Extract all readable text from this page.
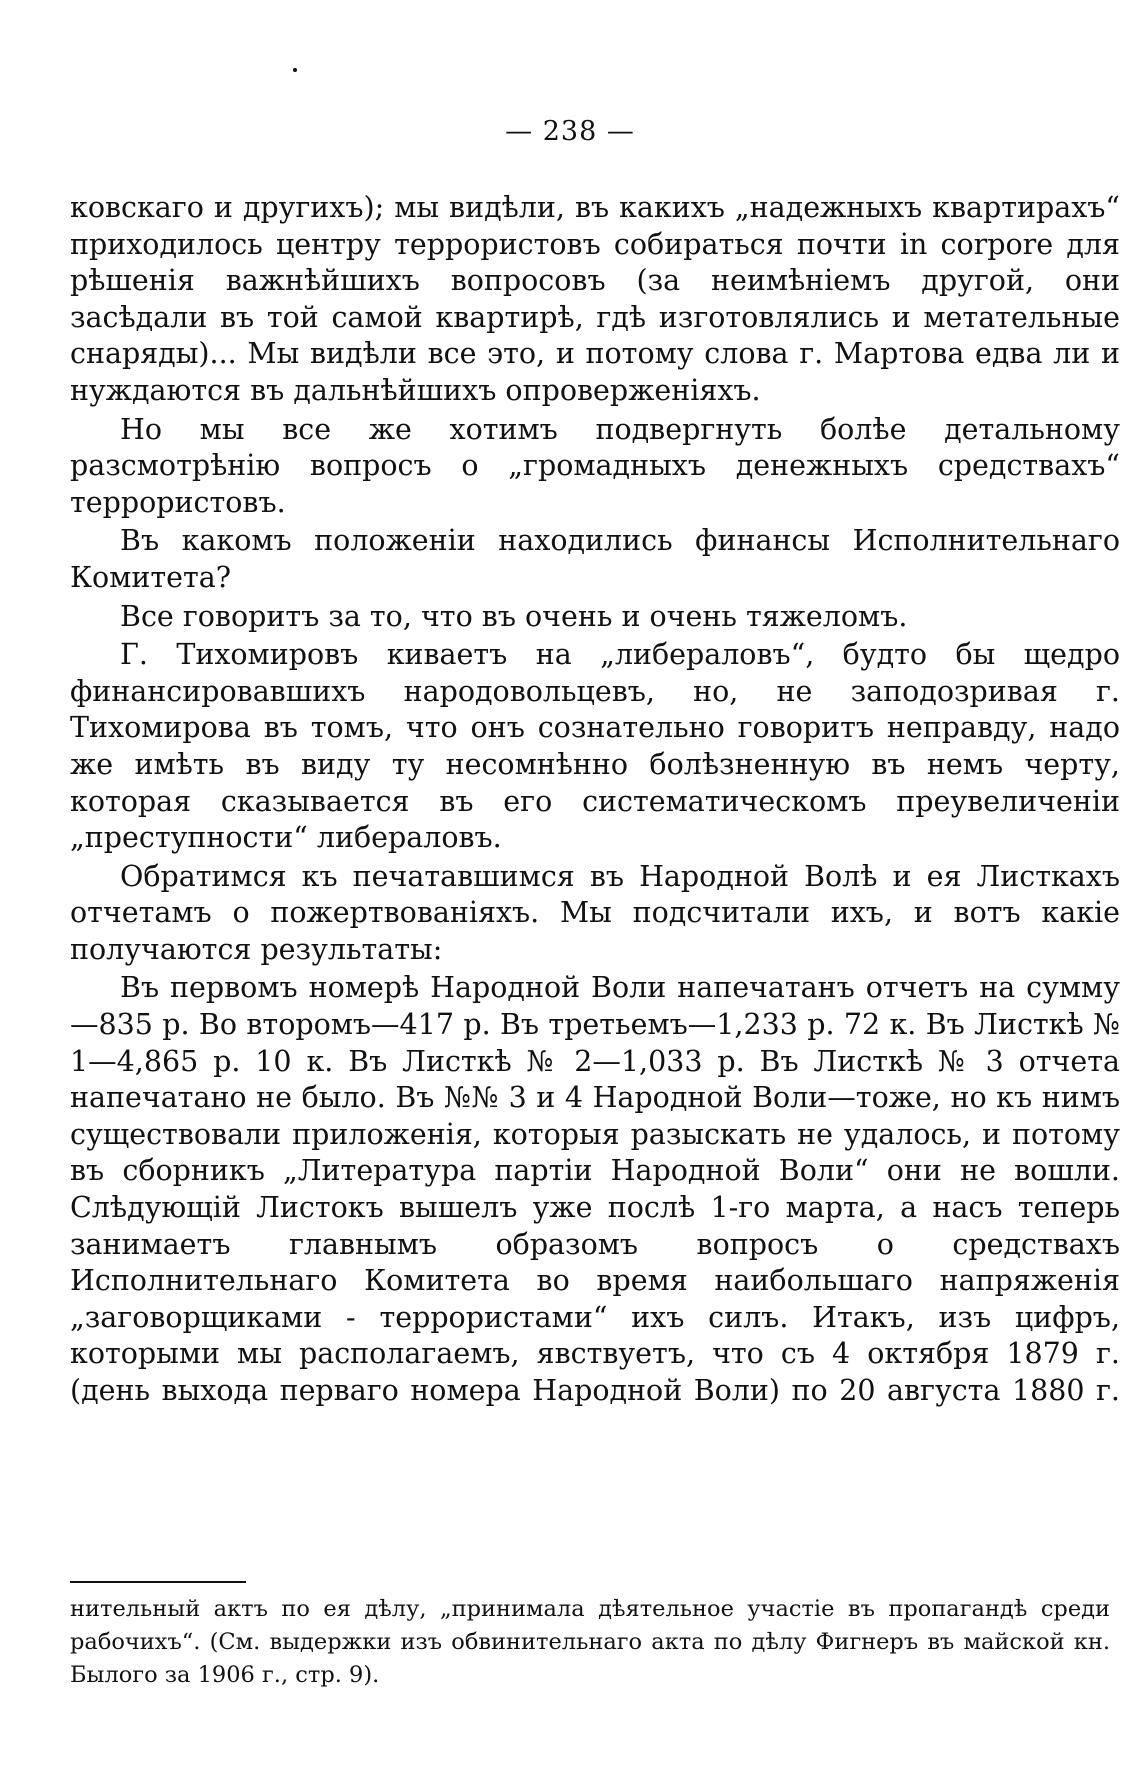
— 238 —

ковскаго и другихъ); мы видѣли, въ какихъ „надежныхъ квартирахъ“ приходилось центру террористовъ собираться почти in corpore для рѣшенія важнѣйшихъ вопросовъ (за неимѣніемъ другой, они засѣдали въ той самой квартирѣ, гдѣ изготовлялись и метательные снаряды)... Мы видѣли все это, и потому слова г. Мартова едва ли и нуждаются въ дальнѣйшихъ опроверженіяхъ.

Но мы все же хотимъ подвергнуть болѣе детальному разсмотрѣнію вопросъ о „громадныхъ денежныхъ средствахъ“ террористовъ.

Въ какомъ положеніи находились финансы Исполнительнаго Комитета?

Все говоритъ за то, что въ очень и очень тяжеломъ.

Г. Тихомировъ киваетъ на „либераловъ“, будто бы щедро финансировавшихъ народовольцевъ, но, не заподозривая г. Тихомирова въ томъ, что онъ сознательно говоритъ неправду, надо же имѣть въ виду ту несомнѣнно болѣзненную въ немъ черту, которая сказывается въ его систематическомъ преувеличеніи „преступности“ либераловъ.

Обратимся къ печатавшимся въ Народной Волѣ и ея Листкахъ отчетамъ о пожертвованіяхъ. Мы подсчитали ихъ, и вотъ какіе получаются результаты:

Въ первомъ номерѣ Народной Воли напечатанъ отчетъ на сумму—835 р. Во второмъ—417 р. Въ третьемъ—1,233 р. 72 к. Въ Листкѣ № 1—4,865 р. 10 к. Въ Листкѣ № 2—1,033 р. Въ Листкѣ № 3 отчета напечатано не было. Въ №№ 3 и 4 Народной Воли—тоже, но къ нимъ существовали приложенія, которыя разыскать не удалось, и потому въ сборникъ „Литература партіи Народной Воли“ они не вошли. Слѣдующій Листокъ вышелъ уже послѣ 1-го марта, а насъ теперь занимаетъ главнымъ образомъ вопросъ о средствахъ Исполнительнаго Комитета во время наибольшаго напряженія „заговорщиками - террористами“ ихъ силъ. Итакъ, изъ цифръ, которыми мы располагаемъ, явствуетъ, что съ 4 октября 1879 г. (день выхода перваго номера Народной Воли) по 20 августа 1880 г.

нительный актъ по ея дѣлу, „принимала дѣятельное участіе въ пропагандѣ среди рабочихъ“. (См. выдержки изъ обвинительнаго акта по дѣлу Фигнеръ въ майской кн. Былого за 1906 г., стр. 9).
